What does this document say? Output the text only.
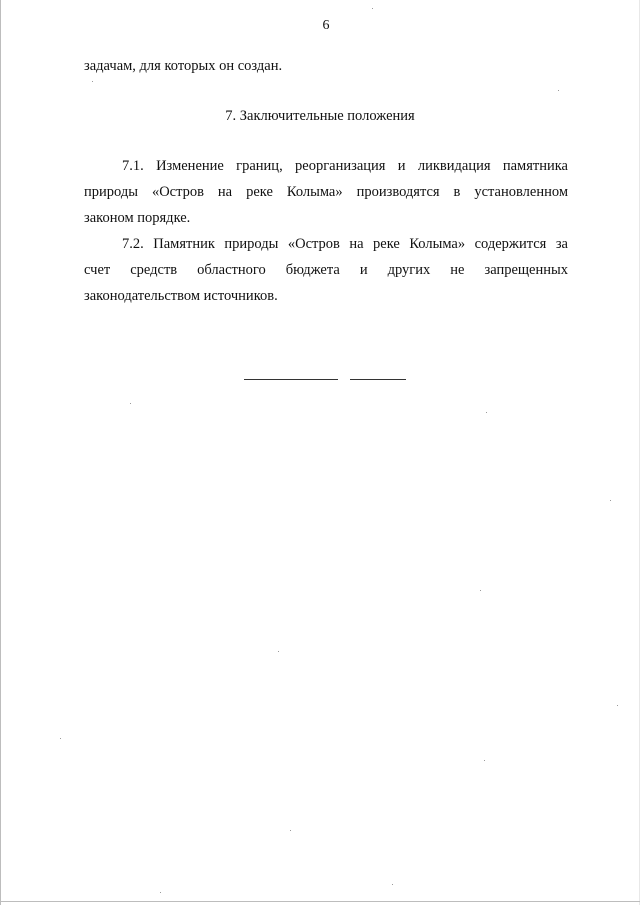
6
задачам, для которых он создан.
7. Заключительные положения
7.1. Изменение границ, реорганизация и ликвидация памятника
природы «Остров на реке Колыма» производятся в установленном
законом порядке.
7.2. Памятник природы «Остров на реке Колыма» содержится за
счет средств областного бюджета и других не запрещенных
законодательством источников.
